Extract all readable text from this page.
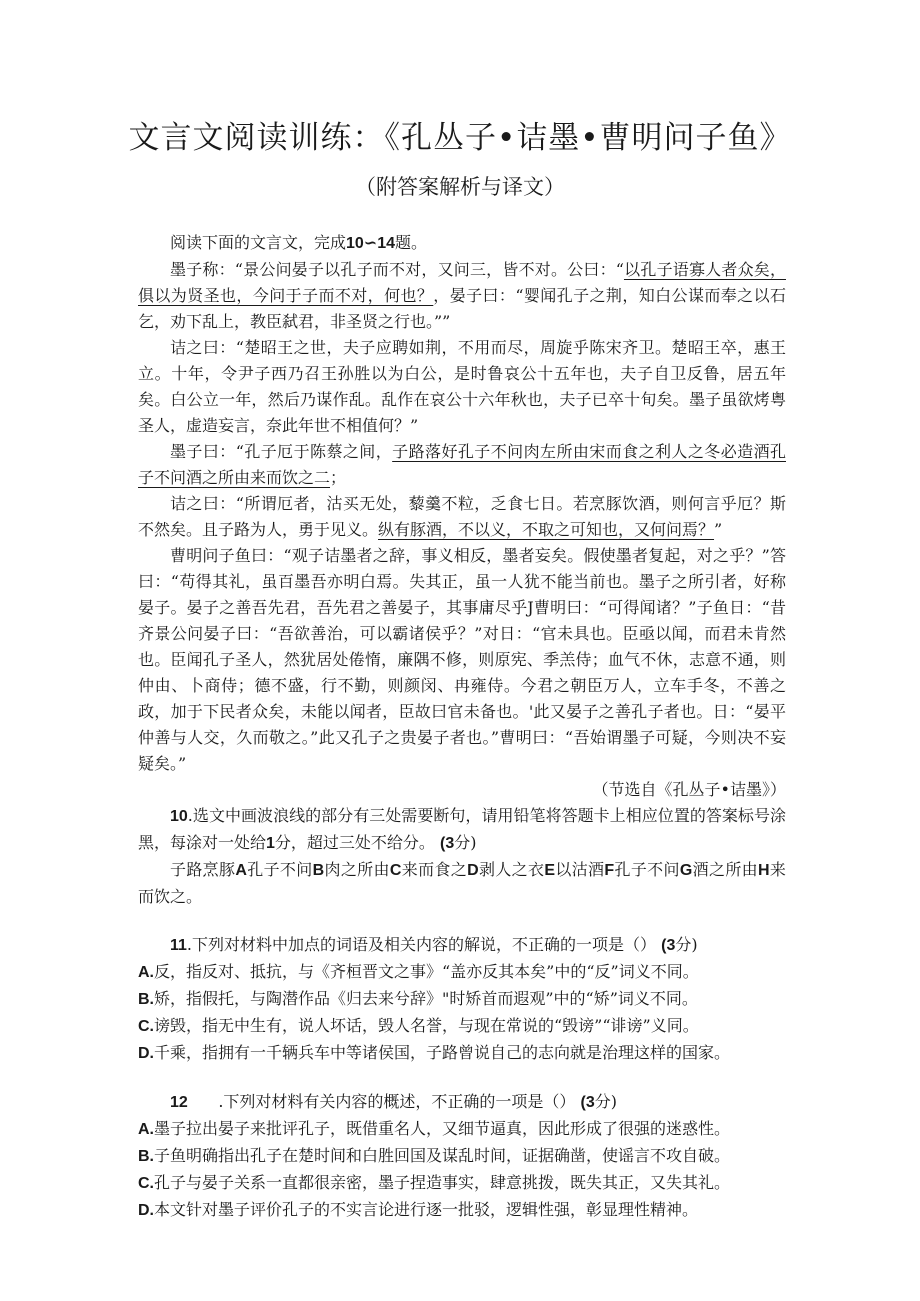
文言文阅读训练：《孔丛子•诘墨•曹明问子鱼》
（附答案解析与译文）

阅读下面的文言文，完成10∽14题。

墨子称：“景公问晏子以孔子而不对，又问三，皆不对。公曰：“以孔子语寡人者众矣，俱以为贤圣也，今问于子而不对，何也？，晏子曰：“婴闻孔子之荆，知白公谋而奉之以石乞，劝下乱上，教臣弑君，非圣贤之行也。””

诘之曰：“楚昭王之世，夫子应聘如荆，不用而尽，周旋乎陈宋齐卫。楚昭王卒，惠王立。十年，令尹子西乃召王孙胜以为白公，是时鲁哀公十五年也，夫子自卫反鲁，居五年矣。白公立一年，然后乃谋作乱。乱作在哀公十六年秋也，夫子已卒十旬矣。墨子虽欲烤粤圣人，虚造妄言，奈此年世不相值何？”

墨子曰：“孔子厄于陈蔡之间，子路落好孔子不问肉左所由宋而食之利人之冬必造酒孔子不问酒之所由来而饮之二；

诘之曰：“所谓厄者，沽买无处，藜羹不粒，乏食七日。若烹豚饮酒，则何言乎厄？斯不然矣。且子路为人，勇于见义。纵有豚酒，不以义，不取之可知也，又何问焉？”

曹明问子鱼曰：“观子诘墨者之辞，事义相反，墨者妄矣。假使墨者复起，对之乎？”答曰：“苟得其礼，虽百墨吾亦明白焉。失其正，虽一人犹不能当前也。墨子之所引者，好称晏子。晏子之善吾先君，吾先君之善晏子，其事庸尽乎J曹明曰：“可得闻诸？”子鱼日：“昔齐景公问晏子曰：“吾欲善治，可以霸诸侯乎？”对日：“官未具也。臣亟以闻，而君未肯然也。臣闻孔子圣人，然犹居处倦惰，廉隅不修，则原宪、季羔侍；血气不休，志意不通，则仲由、卜商侍；德不盛，行不勤，则颜闵、冉雍侍。今君之朝臣万人，立车手冬，不善之政，加于下民者众矣，未能以闻者，臣故曰官未备也。'此又晏子之善孔子者也。日：“晏平仲善与人交，久而敬之。”此又孔子之贵晏子者也。”曹明曰：“吾始谓墨子可疑，今则决不妄疑矣。”

（节选自《孔丛子•诘墨》）

10.选文中画波浪线的部分有三处需要断句，请用铅笔将答题卡上相应位置的答案标号涂黑，每涂对一处给1分，超过三处不给分。 (3分)

子路烹豚A孔子不问B肉之所由C来而食之D剥人之衣E以沽酒F孔子不问G酒之所由H来而饮之。

11.下列对材料中加点的词语及相关内容的解说，不正确的一项是（） (3分)

A.反，指反对、抵抗，与《齐桓晋文之事》“盖亦反其本矣”中的“反”词义不同。

B.矫，指假托，与陶潜作品《归去来兮辞》"时矫首而遐观”中的“矫”词义不同。

C.谤毁，指无中生有，说人坏话，毁人名誉，与现在常说的“毁谤”“诽谤”义同。

D.千乘，指拥有一千辆兵车中等诸侯国，子路曾说自己的志向就是治理这样的国家。

12 .下列对材料有关内容的概述，不正确的一项是（） (3分)

A.墨子拉出晏子来批评孔子，既借重名人，又细节逼真，因此形成了很强的迷惑性。

B.子鱼明确指出孔子在楚时间和白胜回国及谋乱时间，证据确凿，使谣言不攻自破。

C.孔子与晏子关系一直都很亲密，墨子捏造事实，肆意挑拨，既失其正，又失其礼。

D.本文针对墨子评价孔子的不实言论进行逐一批驳，逻辑性强，彰显理性精神。
